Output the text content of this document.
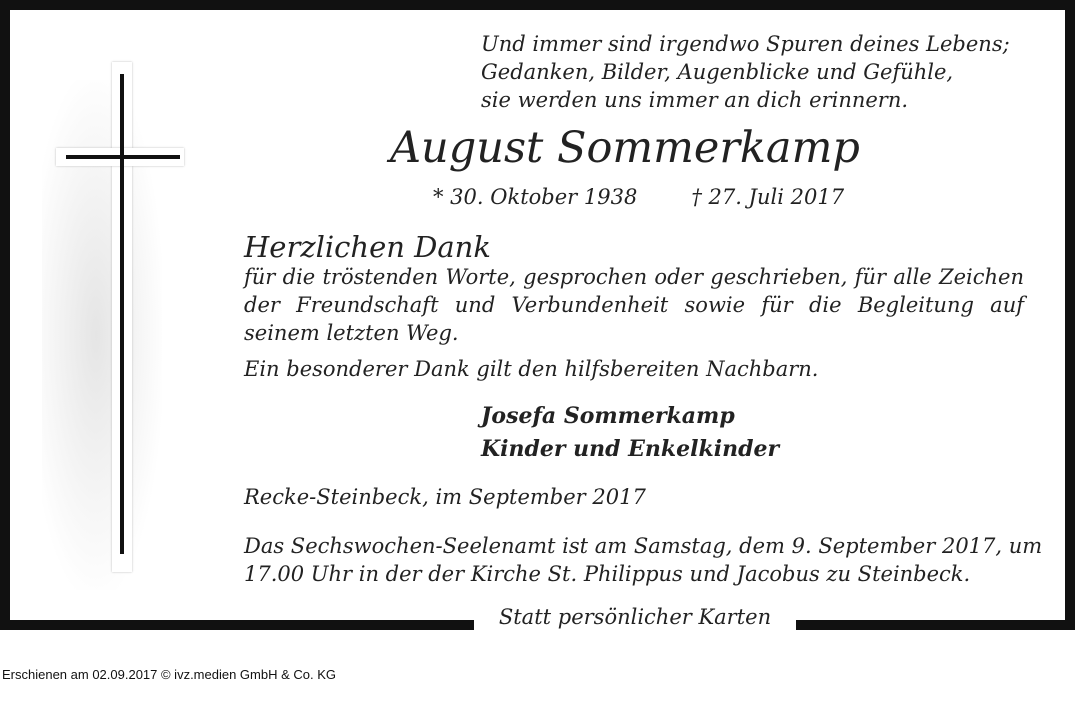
Und immer sind irgendwo Spuren deines Lebens;
Gedanken, Bilder, Augenblicke und Gefühle,
sie werden uns immer an dich erinnern.
August Sommerkamp
* 30. Oktober 1938	† 27. Juli 2017
Herzlichen Dank
für die tröstenden Worte, gesprochen oder geschrieben, für alle Zeichen der Freundschaft und Verbundenheit sowie für die Begleitung auf seinem letzten Weg.
Ein besonderer Dank gilt den hilfsbereiten Nachbarn.
Josefa Sommerkamp
Kinder und Enkelkinder
Recke-Steinbeck, im September 2017
Das Sechswochen-Seelenamt ist am Samstag, dem 9. September 2017, um 17.00 Uhr in der der Kirche St. Philippus und Jacobus zu Steinbeck.
Statt persönlicher Karten
Erschienen am 02.09.2017 © ivz.medien GmbH & Co. KG
